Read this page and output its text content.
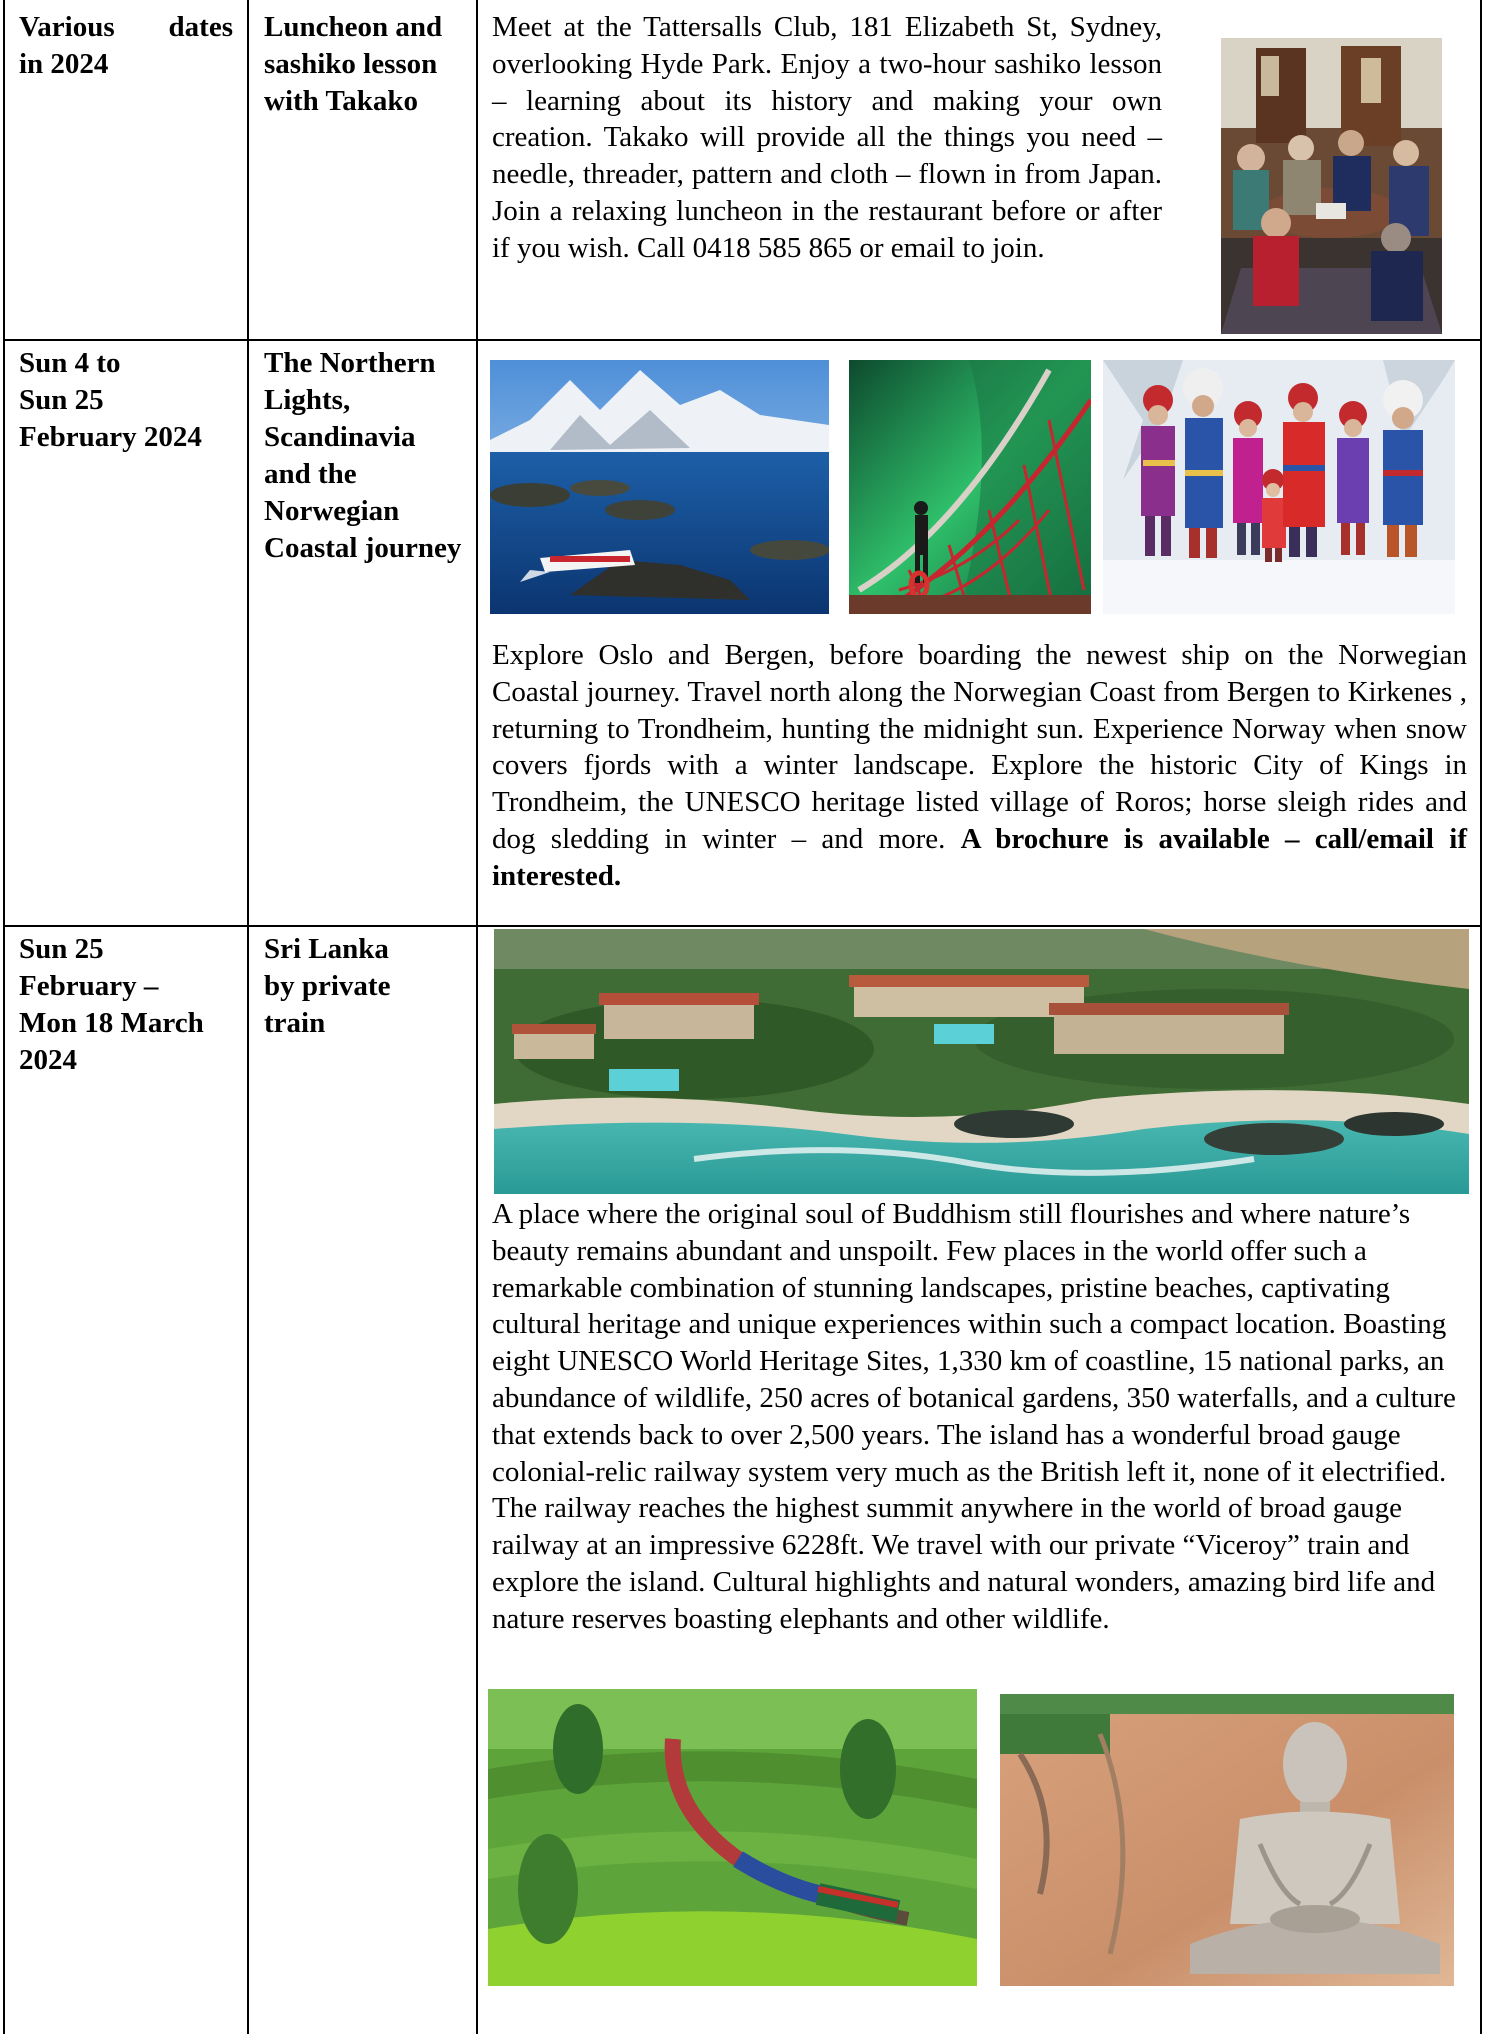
Various dates
in 2024
Luncheon and sashiko lesson with Takako
Meet at the Tattersalls Club, 181 Elizabeth St, Sydney, overlooking Hyde Park. Enjoy a two-hour sashiko lesson – learning about its history and making your own creation. Takako will provide all the things you need – needle, threader, pattern and cloth – flown in from Japan. Join a relaxing luncheon in the restaurant before or after if you wish. Call 0418 585 865 or email to join.
Sun 4 to
Sun 25
February 2024
The Northern Lights, Scandinavia and the Norwegian Coastal journey
Explore Oslo and Bergen, before boarding the newest ship on the Norwegian Coastal journey. Travel north along the Norwegian Coast from Bergen to Kirkenes , returning to Trondheim, hunting the midnight sun. Experience Norway when snow covers fjords with a winter landscape. Explore the historic City of Kings in Trondheim, the UNESCO heritage listed village of Roros; horse sleigh rides and dog sledding in winter – and more. A brochure is available – call/email if interested.
Sun 25
February –
Mon 18 March
2024
Sri Lanka by private train
A place where the original soul of Buddhism still flourishes and where nature’s beauty remains abundant and unspoilt. Few places in the world offer such a remarkable combination of stunning landscapes, pristine beaches, captivating cultural heritage and unique experiences within such a compact location. Boasting eight UNESCO World Heritage Sites, 1,330 km of coastline, 15 national parks, an abundance of wildlife, 250 acres of botanical gardens, 350 waterfalls, and a culture that extends back to over 2,500 years. The island has a wonderful broad gauge colonial-relic railway system very much as the British left it, none of it electrified. The railway reaches the highest summit anywhere in the world of broad gauge railway at an impressive 6228ft. We travel with our private “Viceroy” train and explore the island. Cultural highlights and natural wonders, amazing bird life and nature reserves boasting elephants and other wildlife.
